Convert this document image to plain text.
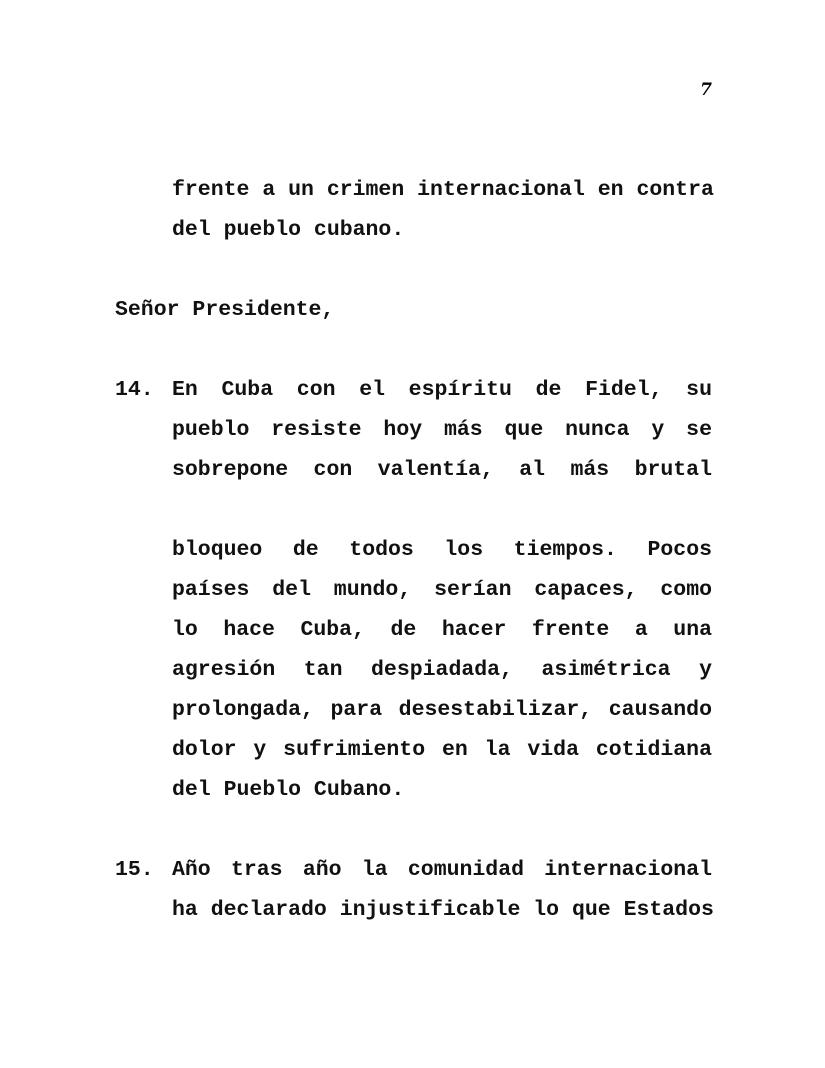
7
frente a un crimen internacional en contra
del pueblo cubano.
Señor Presidente,
14. En Cuba con el espíritu de Fidel, su
pueblo resiste hoy más que nunca y se
sobrepone con valentía, al más brutal
bloqueo de todos los tiempos. Pocos
países del mundo, serían capaces, como
lo hace Cuba, de hacer frente a una
agresión tan despiadada, asimétrica y
prolongada, para desestabilizar, causando
dolor y sufrimiento en la vida cotidiana
del Pueblo Cubano.
15. Año tras año la comunidad internacional
ha declarado injustificable lo que Estados
